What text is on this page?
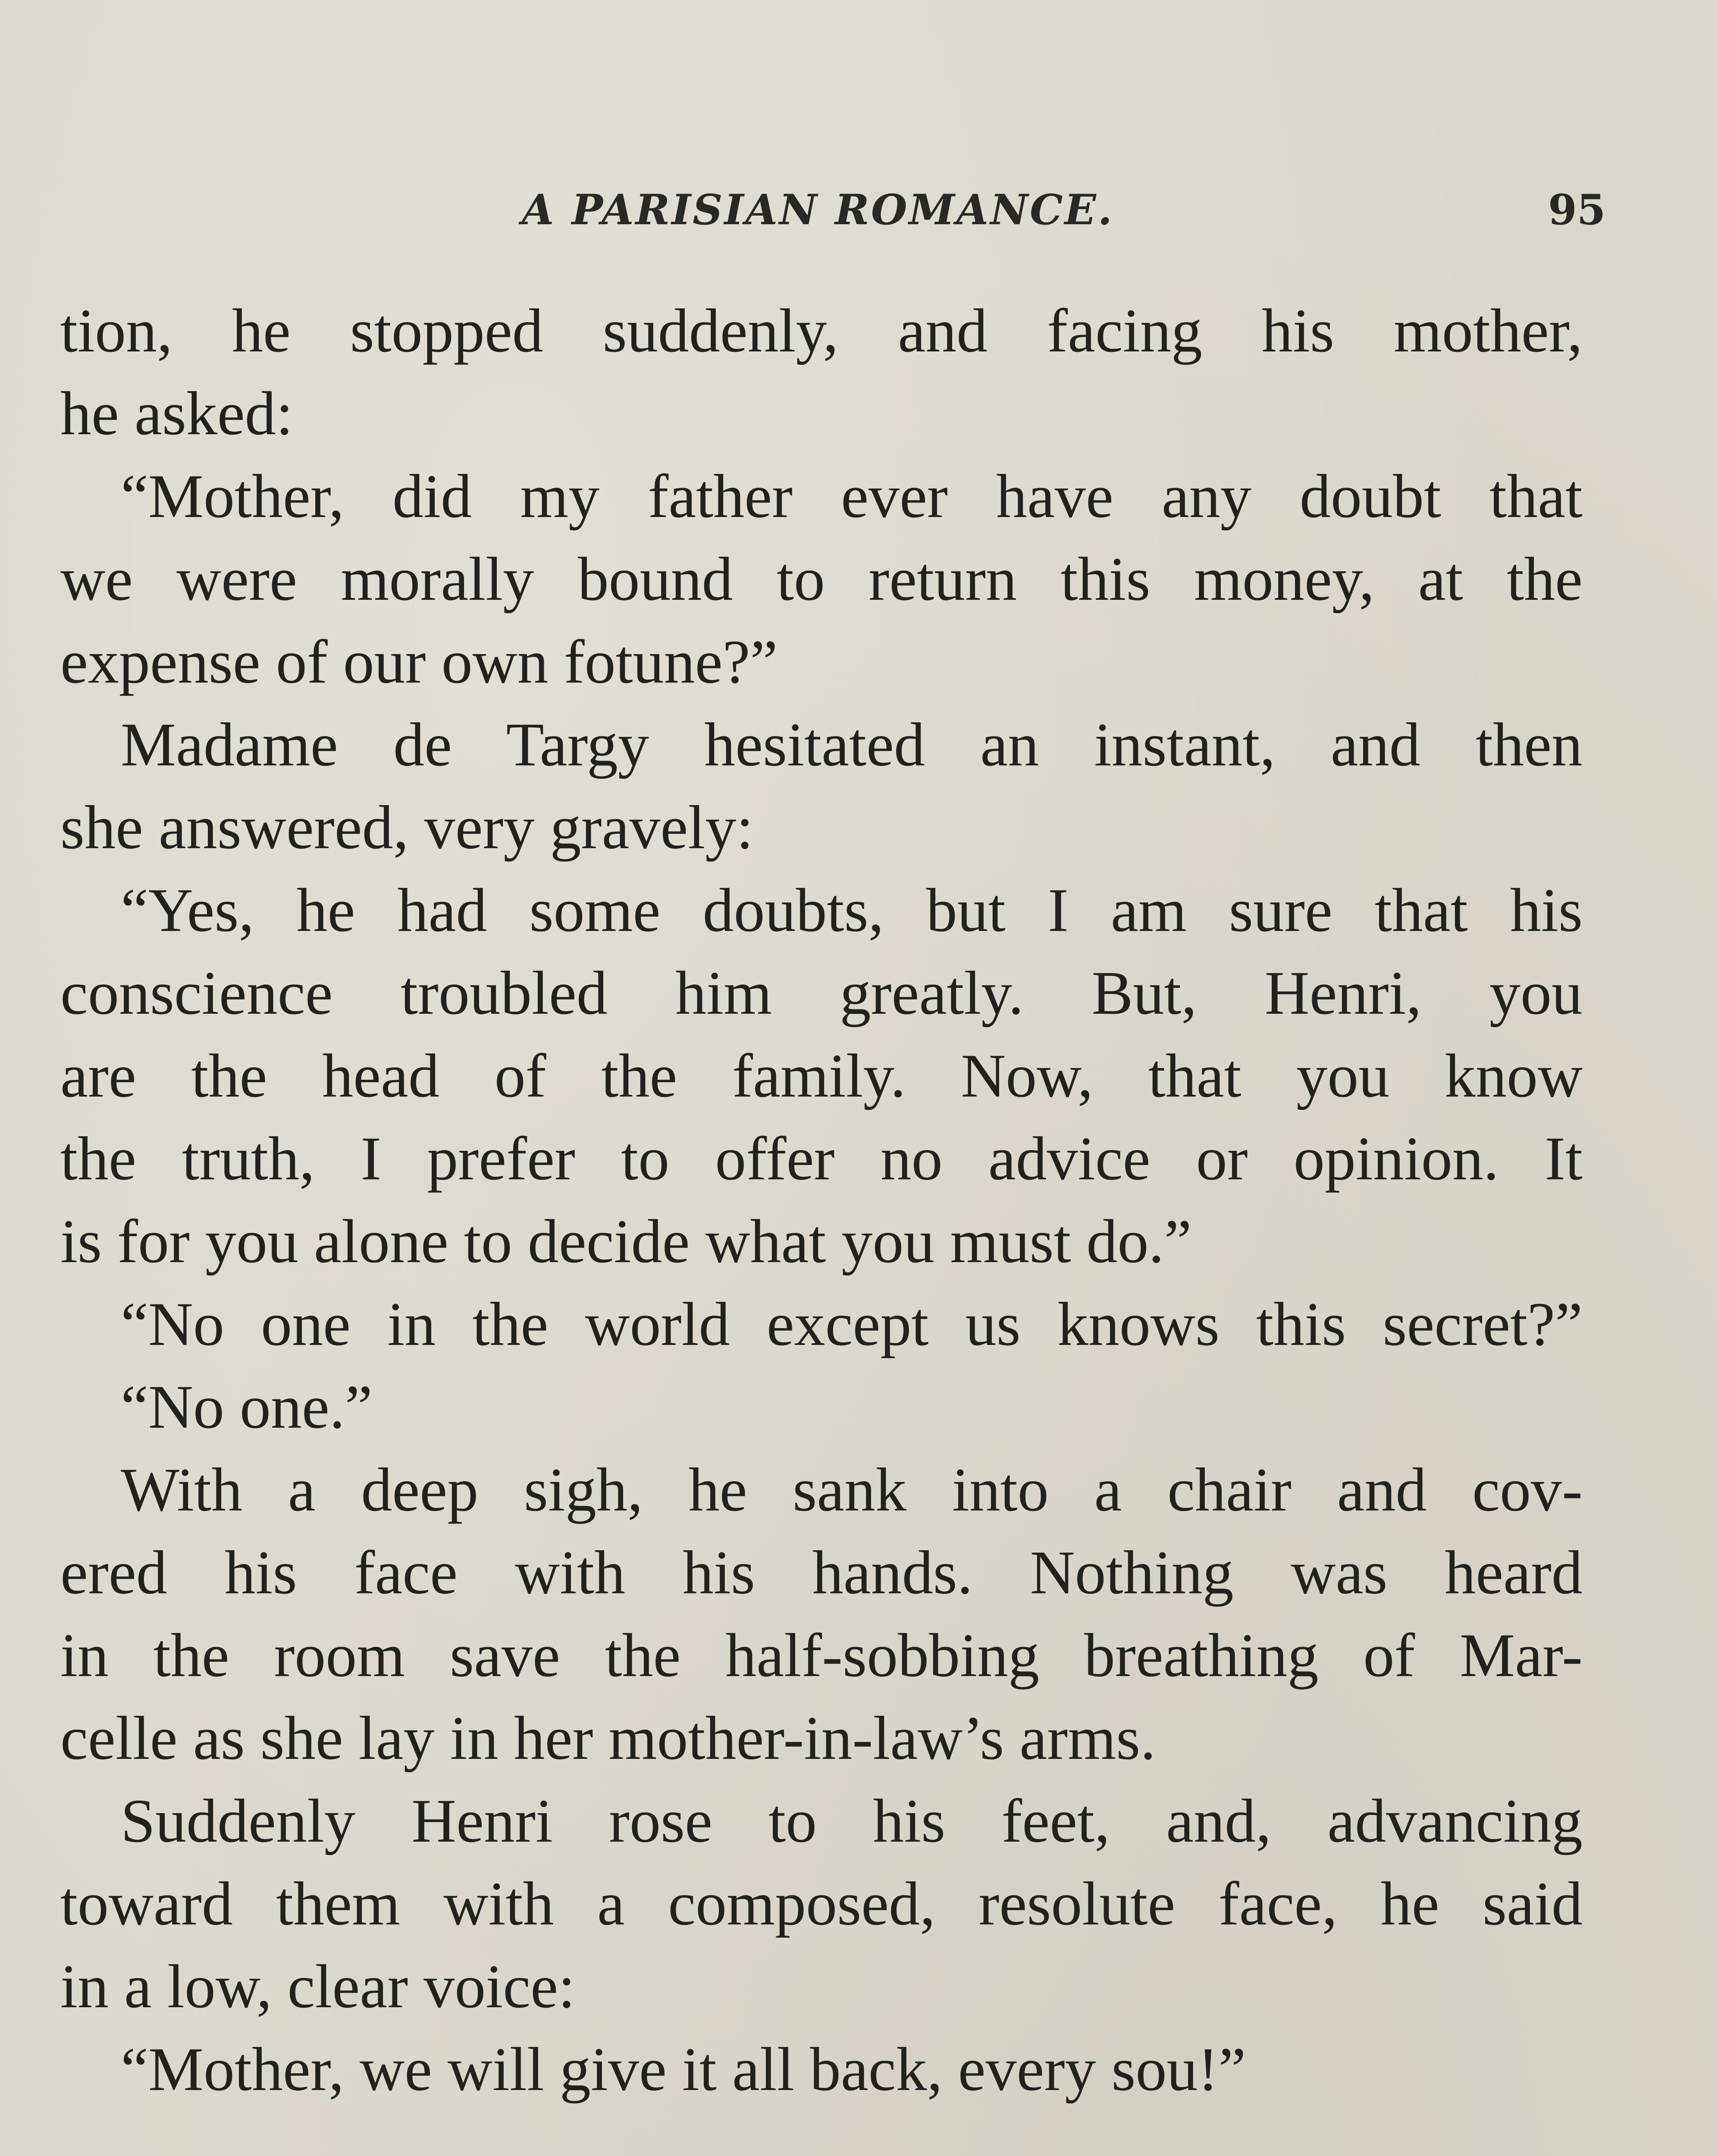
A PARISIAN ROMANCE.	95
tion, he stopped suddenly, and facing his mother,
he asked:
“Mother, did my father ever have any doubt that
we were morally bound to return this money, at the
expense of our own fotune?”
Madame de Targy hesitated an instant, and then
she answered, very gravely:
“Yes, he had some doubts, but I am sure that his
conscience troubled him greatly. But, Henri, you
are the head of the family. Now, that you know
the truth, I prefer to offer no advice or opinion. It
is for you alone to decide what you must do.”
“No one in the world except us knows this secret?”
“No one.”
With a deep sigh, he sank into a chair and cov-
ered his face with his hands. Nothing was heard
in the room save the half-sobbing breathing of Mar-
celle as she lay in her mother-in-law’s arms.
Suddenly Henri rose to his feet, and, advancing
toward them with a composed, resolute face, he said
in a low, clear voice:
“Mother, we will give it all back, every sou!”
